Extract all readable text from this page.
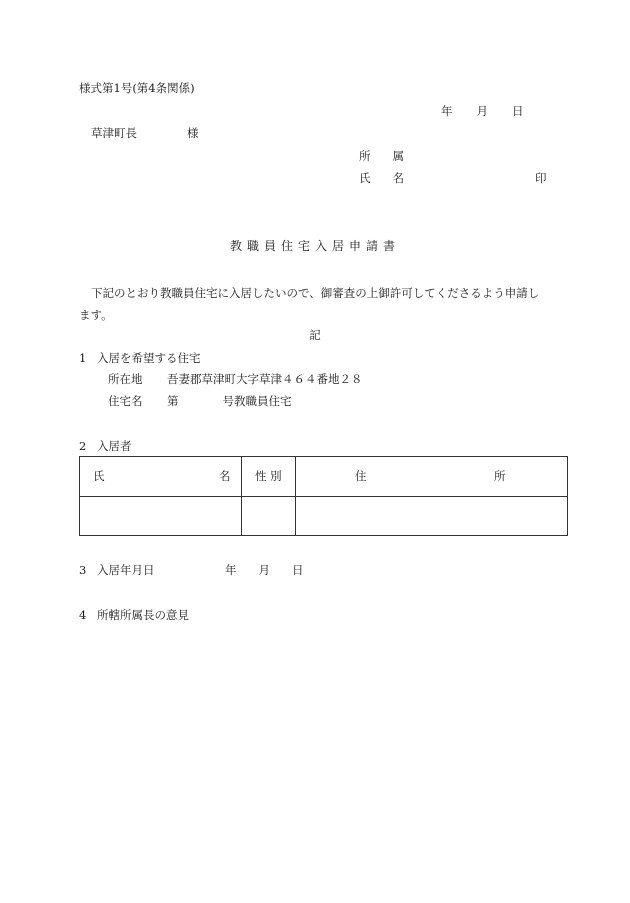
様式第1号(第4条関係)
年 月 日
草津町長	様
所 属
氏 名	印
教職員住宅入居申請書
下記のとおり教職員住宅に入居したいので、御審査の上御許可してくださるよう申請します。
記
1 入居を希望する住宅
所在地 吾妻郡草津町大字草津４６４番地２８
住宅名 第	号教職員住宅
2 入居者
氏 名	性 別	住 所

3 入居年月日	年 月 日
4 所轄所属長の意見
